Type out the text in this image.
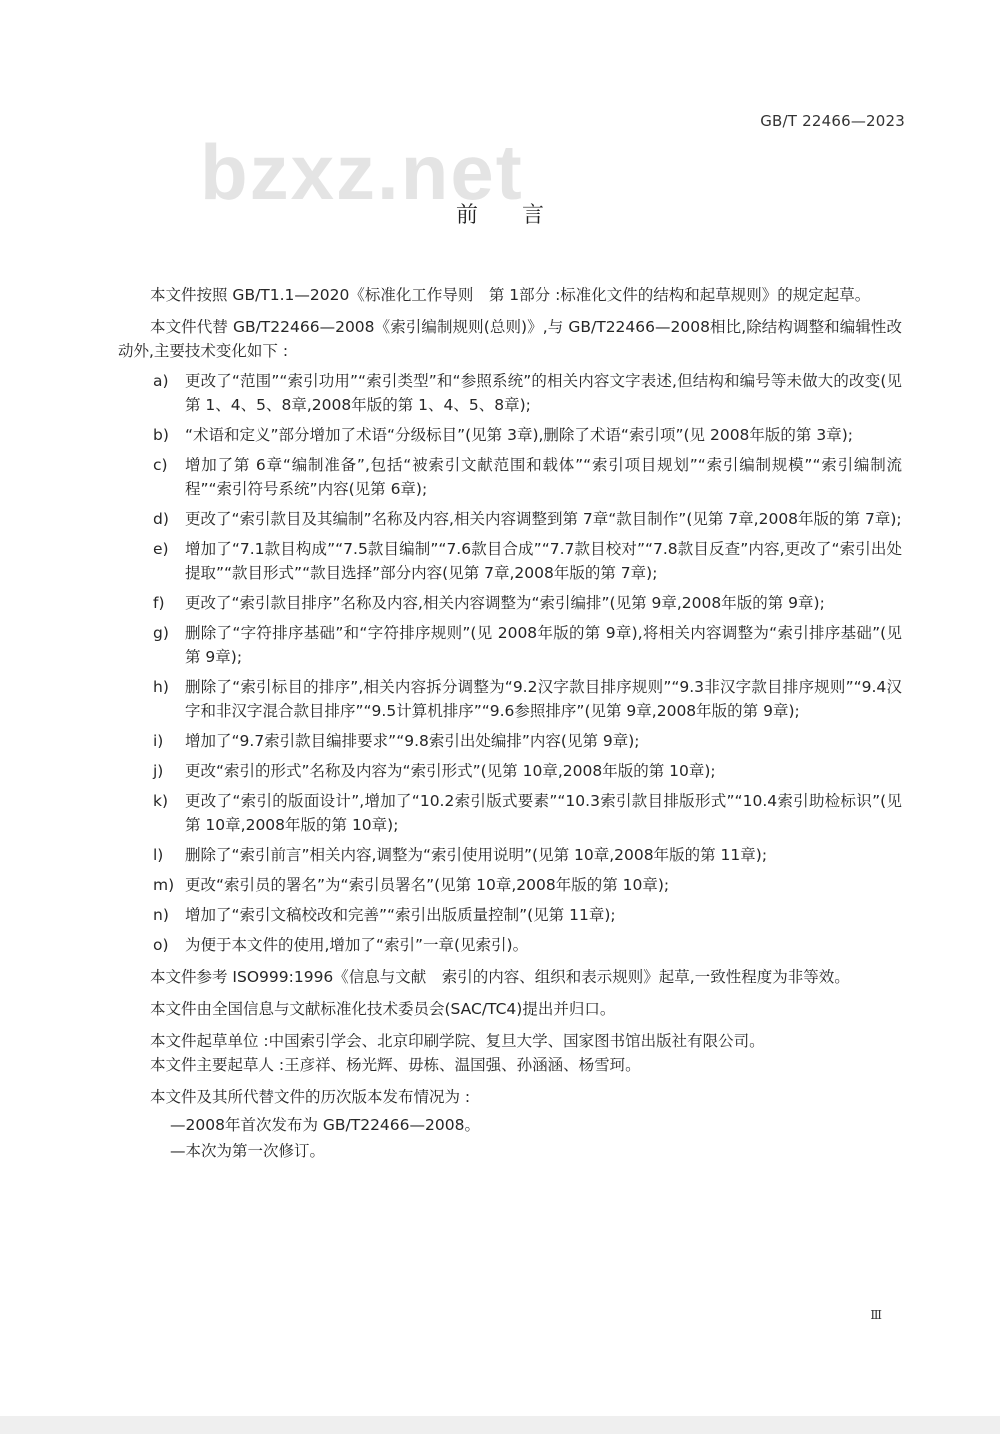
GB/T 22466—2023
bzxz.net
前言

本文件按照 GB/T1.1—2020《标准化工作导则　第 1部分 :标准化文件的结构和起草规则》的规定起草。

本文件代替 GB/T22466—2008《索引编制规则(总则)》,与 GB/T22466—2008相比,除结构调整和编辑性改动外,主要技术变化如下 :

a) 更改了“范围”“索引功用”“索引类型”和“参照系统”的相关内容文字表述,但结构和编号等未做大的改变(见第 1、4、5、8章,2008年版的第 1、4、5、8章);
b) “术语和定义”部分增加了术语“分级标目”(见第 3章),删除了术语“索引项”(见 2008年版的第 3章);
c) 增加了第 6章“编制准备”,包括“被索引文献范围和载体”“索引项目规划”“索引编制规模”“索引编制流程”“索引符号系统”内容(见第 6章);
d) 更改了“索引款目及其编制”名称及内容,相关内容调整到第 7章“款目制作”(见第 7章,2008年版的第 7章);
e) 增加了“7.1款目构成”“7.5款目编制”“7.6款目合成”“7.7款目校对”“7.8款目反查”内容,更改了“索引出处提取”“款目形式”“款目选择”部分内容(见第 7章,2008年版的第 7章);
f) 更改了“索引款目排序”名称及内容,相关内容调整为“索引编排”(见第 9章,2008年版的第 9章);
g) 删除了“字符排序基础”和“字符排序规则”(见 2008年版的第 9章),将相关内容调整为“索引排序基础”(见第 9章);
h) 删除了“索引标目的排序”,相关内容拆分调整为“9.2汉字款目排序规则”“9.3非汉字款目排序规则”“9.4汉字和非汉字混合款目排序”“9.5计算机排序”“9.6参照排序”(见第 9章,2008年版的第 9章);
i) 增加了“9.7索引款目编排要求”“9.8索引出处编排”内容(见第 9章);
j) 更改“索引的形式”名称及内容为“索引形式”(见第 10章,2008年版的第 10章);
k) 更改了“索引的版面设计”,增加了“10.2索引版式要素”“10.3索引款目排版形式”“10.4索引助检标识”(见第 10章,2008年版的第 10章);
l) 删除了“索引前言”相关内容,调整为“索引使用说明”(见第 10章,2008年版的第 11章);
m) 更改“索引员的署名”为“索引员署名”(见第 10章,2008年版的第 10章);
n) 增加了“索引文稿校改和完善”“索引出版质量控制”(见第 11章);
o) 为便于本文件的使用,增加了“索引”一章(见索引)。

本文件参考 ISO999:1996《信息与文献　索引的内容、组织和表示规则》起草,一致性程度为非等效。

本文件由全国信息与文献标准化技术委员会(SAC/TC4)提出并归口。

本文件起草单位 :中国索引学会、北京印刷学院、复旦大学、国家图书馆出版社有限公司。

本文件主要起草人 :王彦祥、杨光辉、毋栋、温国强、孙涵涵、杨雪珂。

本文件及其所代替文件的历次版本发布情况为 :

—2008年首次发布为 GB/T22466—2008。

—本次为第一次修订。

Ⅲ
